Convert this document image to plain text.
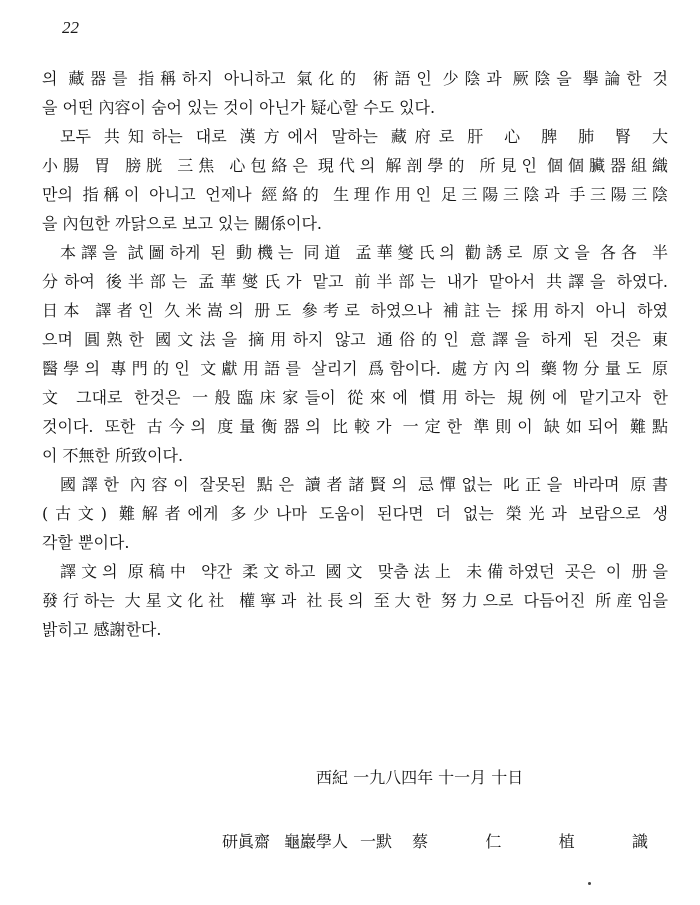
22
의 藏器를 指稱하지 아니하고 氣化的 術語인 少陰과 厥陰을 擧論한 것
을 어떤 內容이 숨어 있는 것이 아닌가 疑心할 수도 있다.
모두 共知하는 대로 漢方에서 말하는 藏府로 肝 心 脾 肺 腎 大
小腸 胃 膀胱 三焦 心包絡은 現代의 解剖學的 所見인 個個臟器組織
만의 指稱이 아니고 언제나 經絡的 生理作用인 足三陽三陰과 手三陽三陰
을 內包한 까닭으로 보고 있는 關係이다.
本譯을 試圖하게 된 動機는 同道 孟華燮氏의 勸誘로 原文을 各各 半
分하여 後半部는 孟華燮氏가 맡고 前半部는 내가 맡아서 共譯을 하였다.
日本 譯者인 久米嵩의 册도 參考로 하였으나 補註는 採用하지 아니 하였
으며 圓熟한 國文法을 摘用하지 않고 通俗的인 意譯을 하게 된 것은 東
醫學의 專門的인 文獻用語를 살리기 爲함이다. 處方內의 藥物分量도 原
文 그대로 한것은 一般臨床家들이 從來에 慣用하는 規例에 맡기고자 한
것이다. 또한 古今의 度量衡器의 比較가 一定한 準則이 缺如되어 難點
이 不無한 所致이다.
國譯한 內容이 잘못된 點은 讀者諸賢의 忌憚없는 叱正을 바라며 原書
(古文) 難解者에게 多少나마 도움이 된다면 더 없는 榮光과 보람으로 생
각할 뿐이다.
譯文의 原稿中 약간 柔文하고 國文 맞춤法上 未備하였던 곳은 이 册을
發行하는 大星文化社 權寧과 社長의 至大한 努力으로 다듬어진 所産임을
밝히고 感謝한다.
西紀 一九八四年 十一月 十日
研眞齋 龜巖學人 一默 蔡	仁	植	識
